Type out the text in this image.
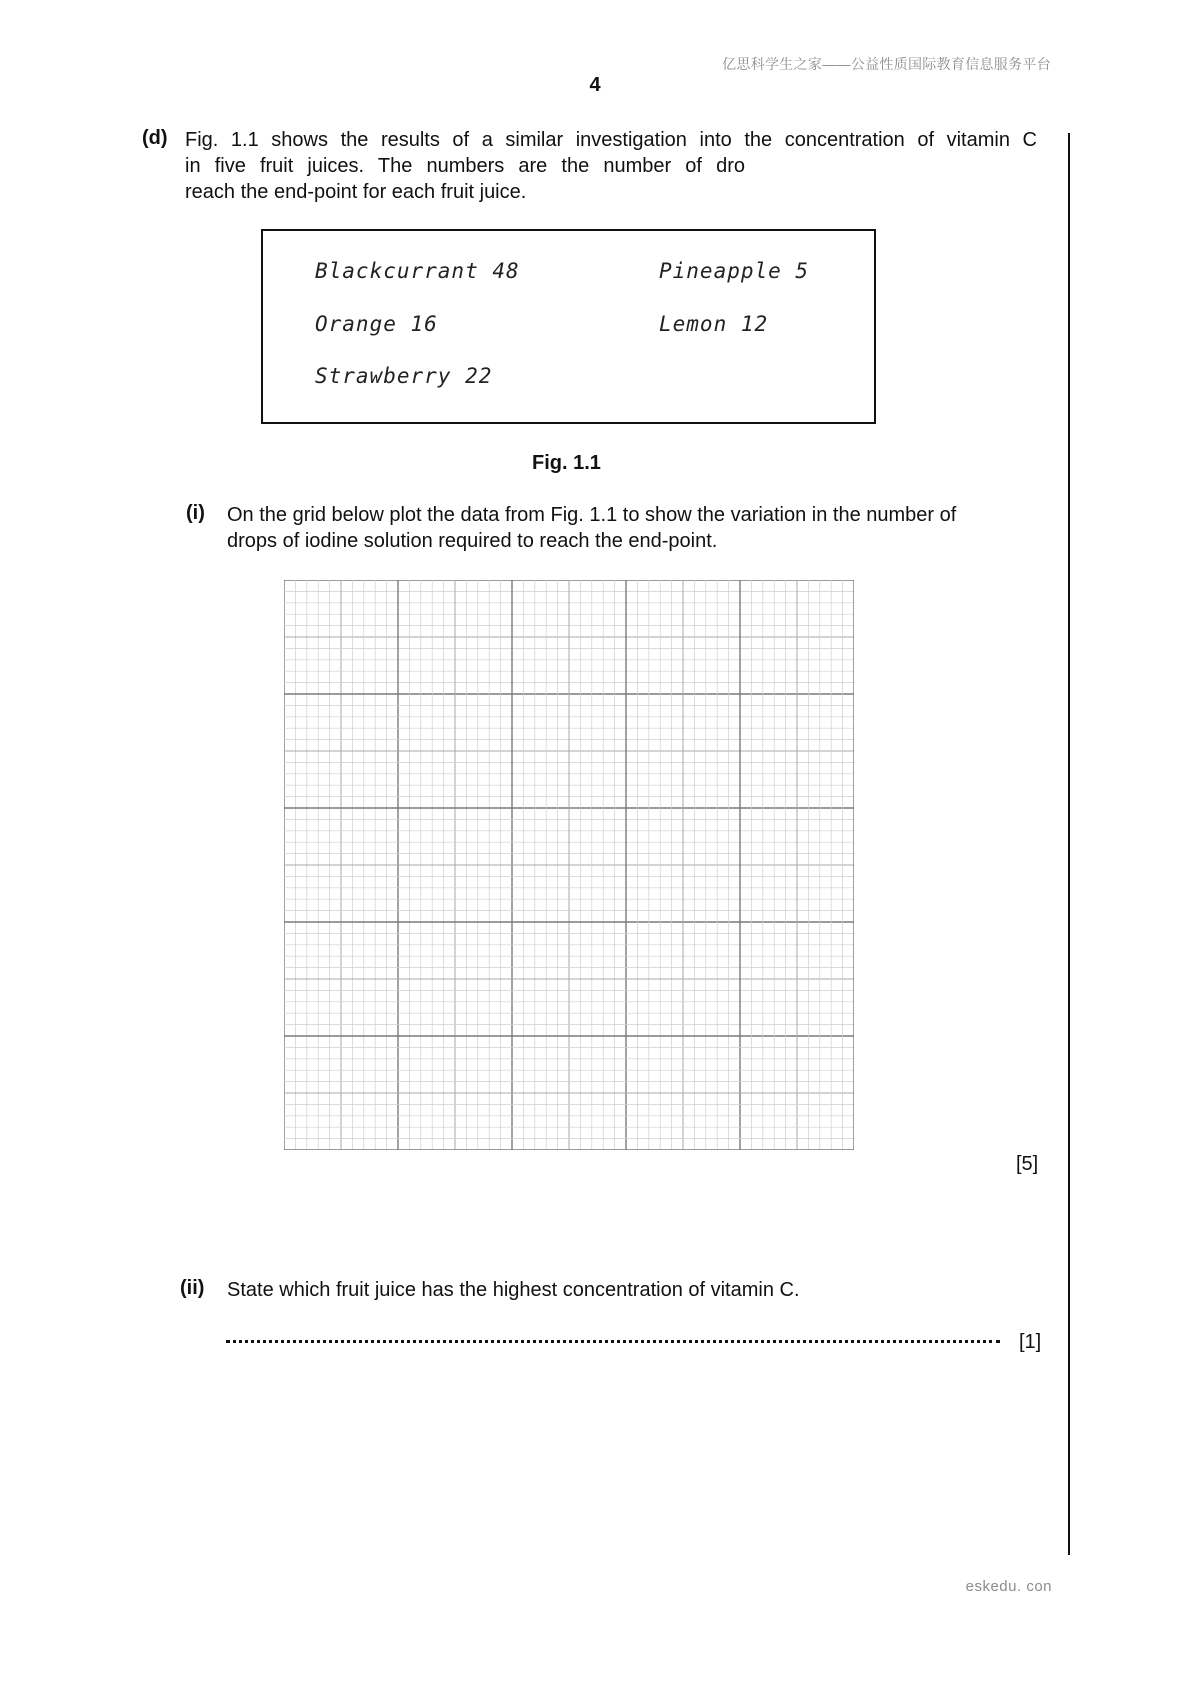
亿思科学生之家——公益性质国际教育信息服务平台
4
(d) Fig. 1.1 shows the results of a similar investigation into the concentration of vitamin C
in five fruit juices. The numbers are the number of dro
reach the end-point for each fruit juice.
Blackcurrant 48	Pineapple 5
Orange 16	Lemon 12
Strawberry 22
Fig. 1.1
(i) On the grid below plot the data from Fig. 1.1 to show the variation in the number of
drops of iodine solution required to reach the end-point.
[5]
(ii) State which fruit juice has the highest concentration of vitamin C.
[1]
eskedu. con
